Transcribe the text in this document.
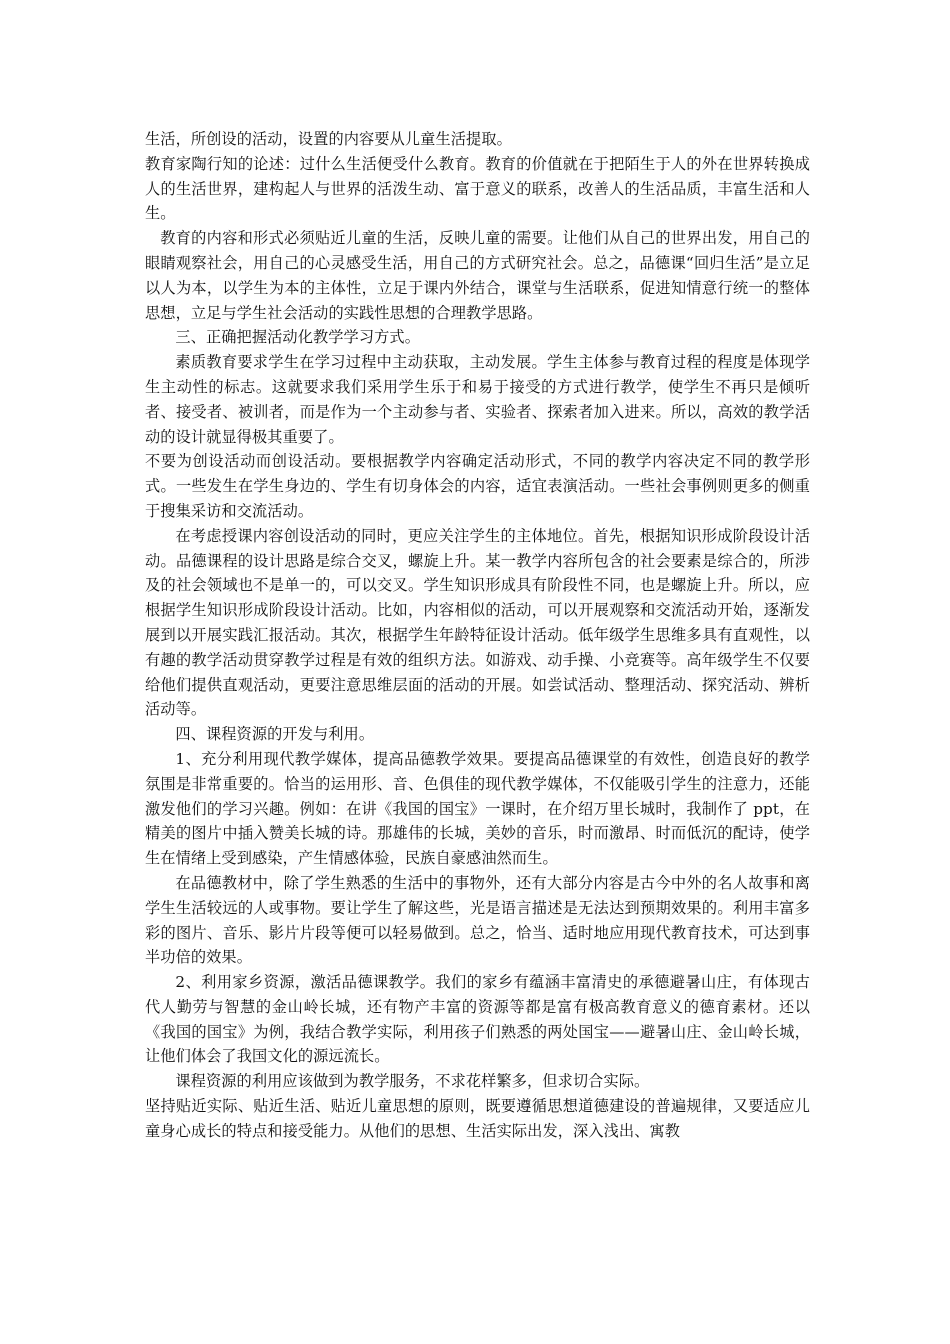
生活，所创设的活动，设置的内容要从儿童生活提取。

教育家陶行知的论述：过什么生活便受什么教育。教育的价值就在于把陌生于人的外在世界转换成人的生活世界，建构起人与世界的活泼生动、富于意义的联系，改善人的生活品质，丰富生活和人生。

教育的内容和形式必须贴近儿童的生活，反映儿童的需要。让他们从自己的世界出发，用自己的眼睛观察社会，用自己的心灵感受生活，用自己的方式研究社会。总之，品德课“回归生活”是立足以人为本，以学生为本的主体性，立足于课内外结合，课堂与生活联系，促进知情意行统一的整体思想，立足与学生社会活动的实践性思想的合理教学思路。

三、正确把握活动化教学学习方式。

素质教育要求学生在学习过程中主动获取，主动发展。学生主体参与教育过程的程度是体现学生主动性的标志。这就要求我们采用学生乐于和易于接受的方式进行教学，使学生不再只是倾听者、接受者、被训者，而是作为一个主动参与者、实验者、探索者加入进来。所以，高效的教学活动的设计就显得极其重要了。

不要为创设活动而创设活动。要根据教学内容确定活动形式，不同的教学内容决定不同的教学形式。一些发生在学生身边的、学生有切身体会的内容，适宜表演活动。一些社会事例则更多的侧重于搜集采访和交流活动。

在考虑授课内容创设活动的同时，更应关注学生的主体地位。首先，根据知识形成阶段设计活动。品德课程的设计思路是综合交叉，螺旋上升。某一教学内容所包含的社会要素是综合的，所涉及的社会领域也不是单一的，可以交叉。学生知识形成具有阶段性不同，也是螺旋上升。所以，应根据学生知识形成阶段设计活动。比如，内容相似的活动，可以开展观察和交流活动开始，逐渐发展到以开展实践汇报活动。其次，根据学生年龄特征设计活动。低年级学生思维多具有直观性，以有趣的教学活动贯穿教学过程是有效的组织方法。如游戏、动手操、小竞赛等。高年级学生不仅要给他们提供直观活动，更要注意思维层面的活动的开展。如尝试活动、整理活动、探究活动、辨析活动等。

四、课程资源的开发与利用。

1、充分利用现代教学媒体，提高品德教学效果。要提高品德课堂的有效性，创造良好的教学氛围是非常重要的。恰当的运用形、音、色俱佳的现代教学媒体，不仅能吸引学生的注意力，还能激发他们的学习兴趣。例如：在讲《我国的国宝》一课时，在介绍万里长城时，我制作了 ppt，在精美的图片中插入赞美长城的诗。那雄伟的长城，美妙的音乐，时而激昂、时而低沉的配诗，使学生在情绪上受到感染，产生情感体验，民族自豪感油然而生。

在品德教材中，除了学生熟悉的生活中的事物外，还有大部分内容是古今中外的名人故事和离学生生活较远的人或事物。要让学生了解这些，光是语言描述是无法达到预期效果的。利用丰富多彩的图片、音乐、影片片段等便可以轻易做到。总之，恰当、适时地应用现代教育技术，可达到事半功倍的效果。

2、利用家乡资源，激活品德课教学。我们的家乡有蕴涵丰富清史的承德避暑山庄，有体现古代人勤劳与智慧的金山岭长城，还有物产丰富的资源等都是富有极高教育意义的德育素材。还以《我国的国宝》为例，我结合教学实际，利用孩子们熟悉的两处国宝——避暑山庄、金山岭长城，让他们体会了我国文化的源远流长。

课程资源的利用应该做到为教学服务，不求花样繁多，但求切合实际。

坚持贴近实际、贴近生活、贴近儿童思想的原则，既要遵循思想道德建设的普遍规律，又要适应儿童身心成长的特点和接受能力。从他们的思想、生活实际出发，深入浅出、寓教
